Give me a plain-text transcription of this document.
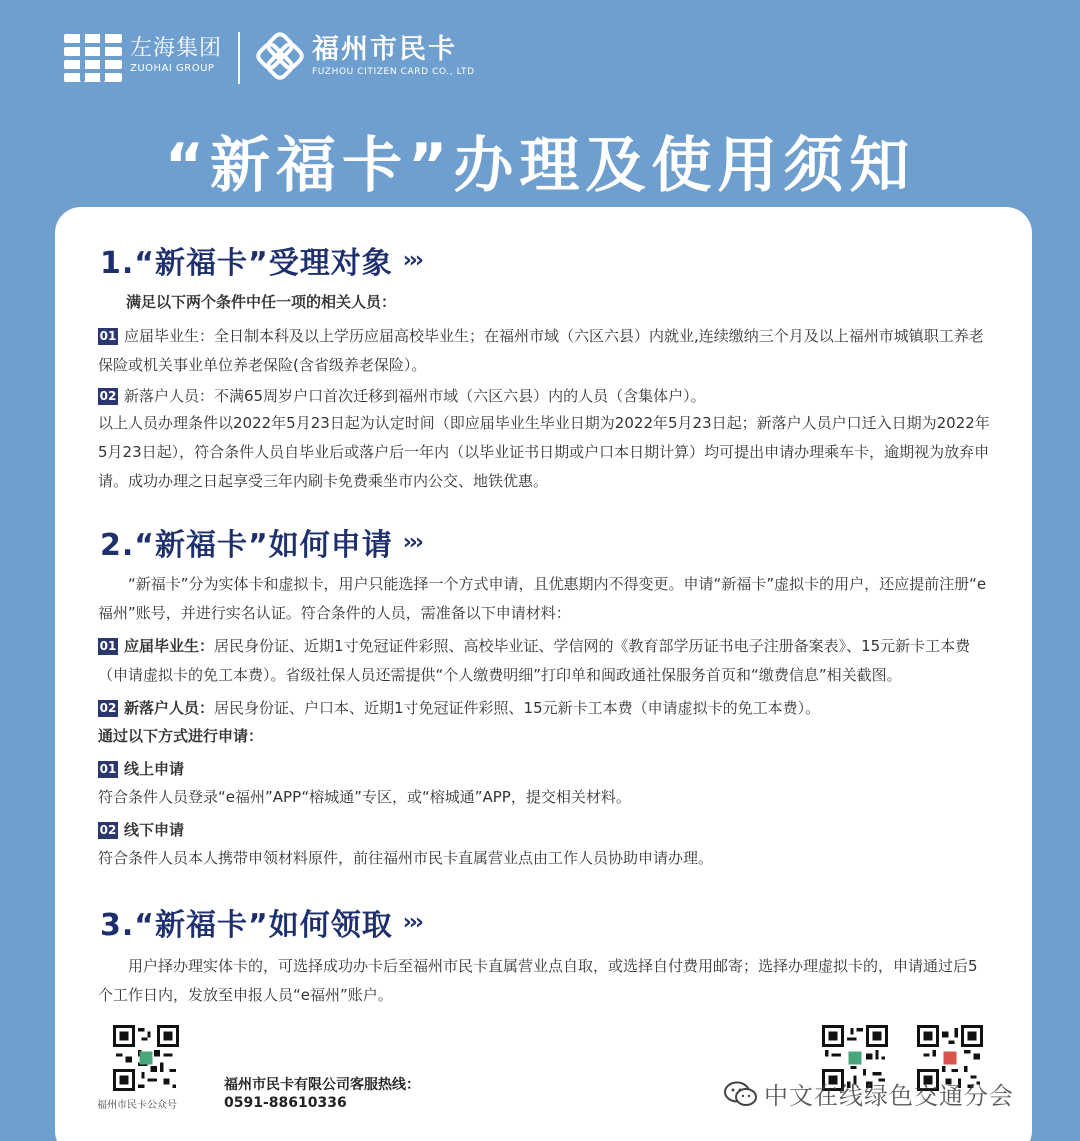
左海集团
ZUOHAI GROUP
福州市民卡
FUZHOU CITIZEN CARD CO., LTD
“新福卡”办理及使用须知
1.“新福卡”受理对象 ›››
满足以下两个条件中任一项的相关人员：
01 应届毕业生：全日制本科及以上学历应届高校毕业生；在福州市域（六区六县）内就业,连续缴纳三个月及以上福州市城镇职工养老保险或机关事业单位养老保险(含省级养老保险）。
02 新落户人员：不满65周岁户口首次迁移到福州市域（六区六县）内的人员（含集体户）。
以上人员办理条件以2022年5月23日起为认定时间（即应届毕业生毕业日期为2022年5月23日起；新落户人员户口迁入日期为2022年5月23日起），符合条件人员自毕业后或落户后一年内（以毕业证书日期或户口本日期计算）均可提出申请办理乘车卡，逾期视为放弃申请。成功办理之日起享受三年内刷卡免费乘坐市内公交、地铁优惠。
2.“新福卡”如何申请 ›››
“新福卡”分为实体卡和虚拟卡，用户只能选择一个方式申请，且优惠期内不得变更。申请“新福卡”虚拟卡的用户，还应提前注册“e福州”账号，并进行实名认证。符合条件的人员，需准备以下申请材料：
01 应届毕业生：居民身份证、近期1寸免冠证件彩照、高校毕业证、学信网的《教育部学历证书电子注册备案表》、15元新卡工本费（申请虚拟卡的免工本费）。省级社保人员还需提供“个人缴费明细”打印单和闽政通社保服务首页和“缴费信息”相关截图。
02 新落户人员：居民身份证、户口本、近期1寸免冠证件彩照、15元新卡工本费（申请虚拟卡的免工本费）。
通过以下方式进行申请：
01 线上申请
符合条件人员登录“e福州”APP“榕城通”专区，或“榕城通”APP，提交相关材料。
02 线下申请
符合条件人员本人携带申领材料原件，前往福州市民卡直属营业点由工作人员协助申请办理。
3.“新福卡”如何领取 ›››
用户择办理实体卡的，可选择成功办卡后至福州市民卡直属营业点自取，或选择自付费用邮寄；选择办理虚拟卡的，申请通过后5个工作日内，发放至申报人员“e福州”账户。
福州市民卡公众号
福州市民卡有限公司客服热线：
0591-88610336	中文在线绿色交通分会
